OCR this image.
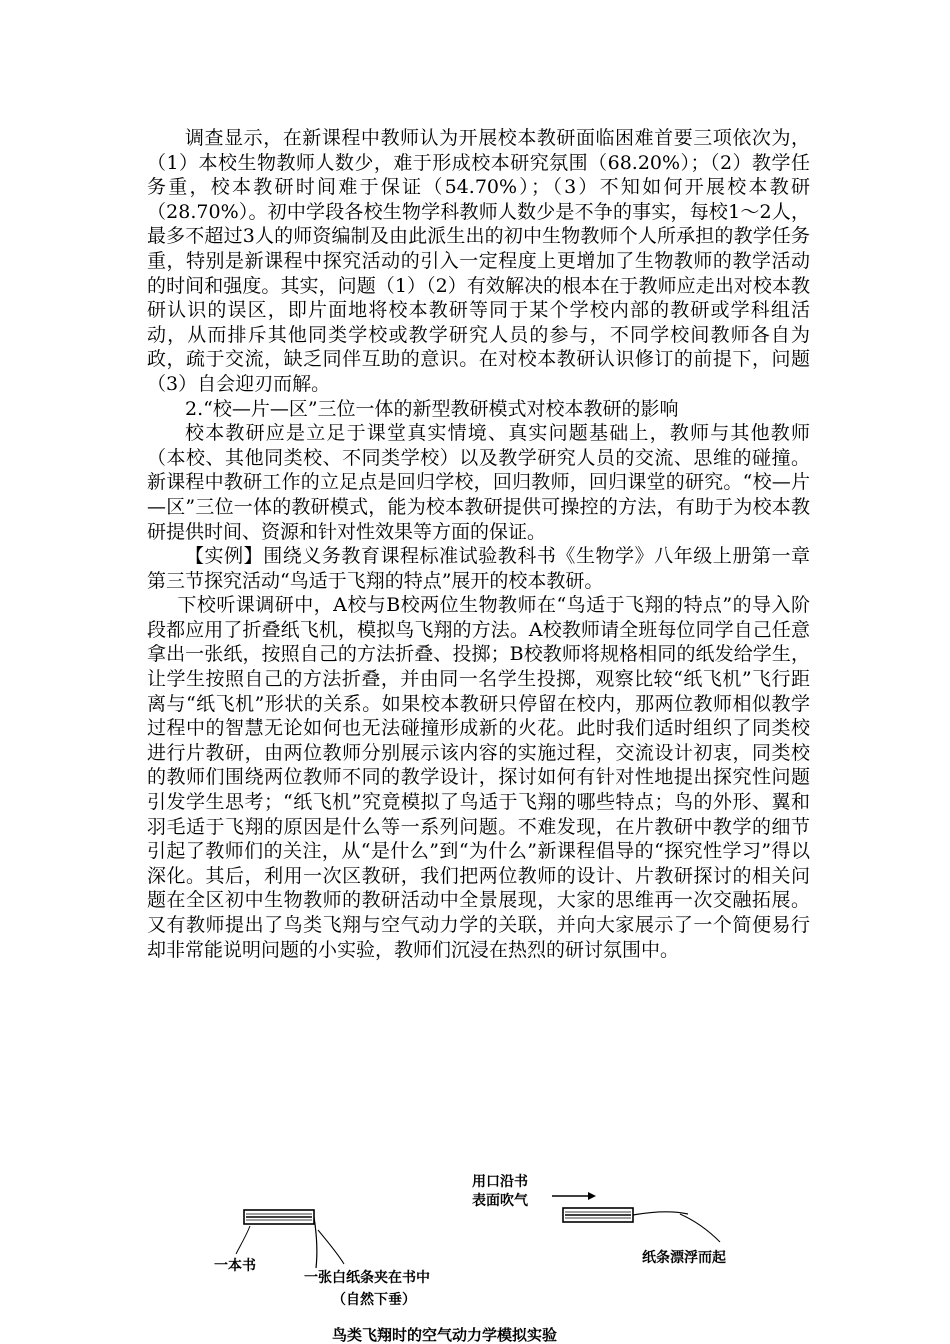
调查显示，在新课程中教师认为开展校本教研面临困难首要三项依次为，（1）本校生物教师人数少，难于形成校本研究氛围（68.20%）；（2）教学任务重，校本教研时间难于保证（54.70%）；（3）不知如何开展校本教研（28.70%）。初中学段各校生物学科教师人数少是不争的事实，每校1～2人，最多不超过3人的师资编制及由此派生出的初中生物教师个人所承担的教学任务重，特别是新课程中探究活动的引入一定程度上更增加了生物教师的教学活动的时间和强度。其实，问题（1）（2）有效解决的根本在于教师应走出对校本教研认识的误区，即片面地将校本教研等同于某个学校内部的教研或学科组活动，从而排斥其他同类学校或教学研究人员的参与，不同学校间教师各自为政，疏于交流，缺乏同伴互助的意识。在对校本教研认识修订的前提下，问题（3）自会迎刃而解。

2.“校—片—区”三位一体的新型教研模式对校本教研的影响

校本教研应是立足于课堂真实情境、真实问题基础上，教师与其他教师（本校、其他同类校、不同类学校）以及教学研究人员的交流、思维的碰撞。新课程中教研工作的立足点是回归学校，回归教师，回归课堂的研究。“校—片—区”三位一体的教研模式，能为校本教研提供可操控的方法，有助于为校本教研提供时间、资源和针对性效果等方面的保证。

【实例】围绕义务教育课程标准试验教科书《生物学》八年级上册第一章第三节探究活动“鸟适于飞翔的特点”展开的校本教研。

下校听课调研中，A校与B校两位生物教师在“鸟适于飞翔的特点”的导入阶段都应用了折叠纸飞机，模拟鸟飞翔的方法。A校教师请全班每位同学自己任意拿出一张纸，按照自己的方法折叠、投掷；B校教师将规格相同的纸发给学生，让学生按照自己的方法折叠，并由同一名学生投掷，观察比较“纸飞机”飞行距离与“纸飞机”形状的关系。如果校本教研只停留在校内，那两位教师相似教学过程中的智慧无论如何也无法碰撞形成新的火花。此时我们适时组织了同类校进行片教研，由两位教师分别展示该内容的实施过程，交流设计初衷，同类校的教师们围绕两位教师不同的教学设计，探讨如何有针对性地提出探究性问题引发学生思考；“纸飞机”究竟模拟了鸟适于飞翔的哪些特点；鸟的外形、翼和羽毛适于飞翔的原因是什么等一系列问题。不难发现，在片教研中教学的细节引起了教师们的关注，从“是什么”到“为什么”新课程倡导的“探究性学习”得以深化。其后，利用一次区教研，我们把两位教师的设计、片教研探讨的相关问题在全区初中生物教师的教研活动中全景展现，大家的思维再一次交融拓展。又有教师提出了鸟类飞翔与空气动力学的关联，并向大家展示了一个简便易行却非常能说明问题的小实验，教师们沉浸在热烈的研讨氛围中。

一本书
一张白纸条夹在书中
（自然下垂）
用口沿书
表面吹气
纸条漂浮而起
鸟类飞翔时的空气动力学模拟实验
